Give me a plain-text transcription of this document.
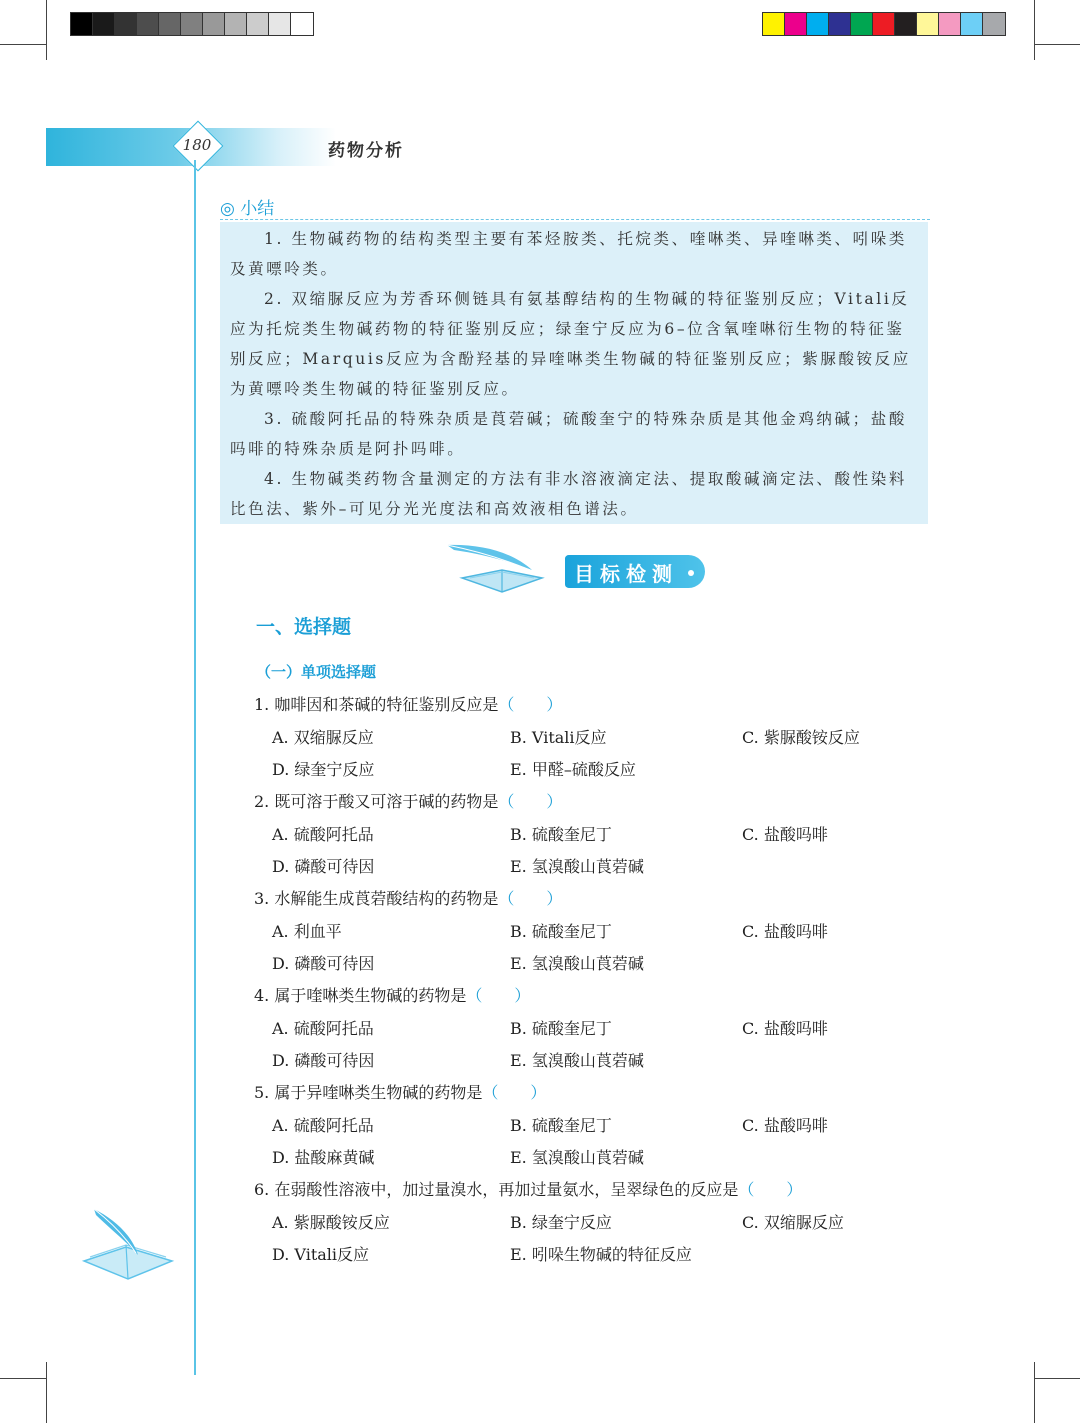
180	药物分析
◎ 小结

1. 生物碱药物的结构类型主要有苯烃胺类、托烷类、喹啉类、异喹啉类、吲哚类及黄嘌呤类。

2. 双缩脲反应为芳香环侧链具有氨基醇结构的生物碱的特征鉴别反应；Vitali反应为托烷类生物碱药物的特征鉴别反应；绿奎宁反应为6–位含氧喹啉衍生物的特征鉴别反应；Marquis反应为含酚羟基的异喹啉类生物碱的特征鉴别反应；紫脲酸铵反应为黄嘌呤类生物碱的特征鉴别反应。

3. 硫酸阿托品的特殊杂质是莨菪碱；硫酸奎宁的特殊杂质是其他金鸡纳碱；盐酸吗啡的特殊杂质是阿扑吗啡。

4. 生物碱类药物含量测定的方法有非水溶液滴定法、提取酸碱滴定法、酸性染料比色法、紫外–可见分光光度法和高效液相色谱法。

目标检测
一、选择题
（一）单项选择题
1. 咖啡因和茶碱的特征鉴别反应是（　　）
A. 双缩脲反应	B. Vitali反应	C. 紫脲酸铵反应
D. 绿奎宁反应	E. 甲醛–硫酸反应
2. 既可溶于酸又可溶于碱的药物是（　　）
A. 硫酸阿托品	B. 硫酸奎尼丁	C. 盐酸吗啡
D. 磷酸可待因	E. 氢溴酸山莨菪碱
3. 水解能生成莨菪酸结构的药物是（　　）
A. 利血平	B. 硫酸奎尼丁	C. 盐酸吗啡
D. 磷酸可待因	E. 氢溴酸山莨菪碱
4. 属于喹啉类生物碱的药物是（　　）
A. 硫酸阿托品	B. 硫酸奎尼丁	C. 盐酸吗啡
D. 磷酸可待因	E. 氢溴酸山莨菪碱
5. 属于异喹啉类生物碱的药物是（　　）
A. 硫酸阿托品	B. 硫酸奎尼丁	C. 盐酸吗啡
D. 盐酸麻黄碱	E. 氢溴酸山莨菪碱
6. 在弱酸性溶液中，加过量溴水，再加过量氨水，呈翠绿色的反应是（　　）
A. 紫脲酸铵反应	B. 绿奎宁反应	C. 双缩脲反应
D. Vitali反应	E. 吲哚生物碱的特征反应
